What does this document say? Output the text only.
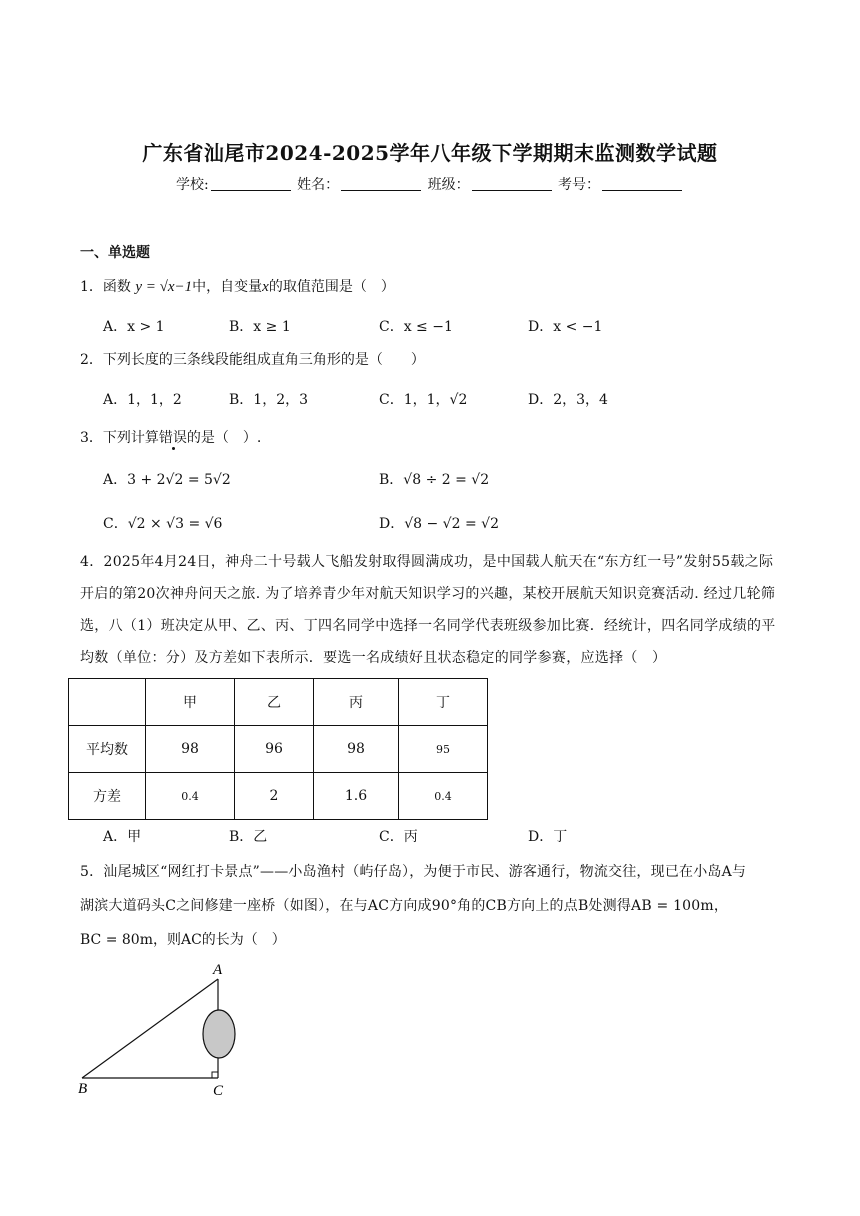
广东省汕尾市2024-2025学年八年级下学期期末监测数学试题
学校:	姓名：	班级：	考号：
一、单选题
1．函数 y = √x−1中，自变量x的取值范围是（　）
A．x > 1	B．x ≥ 1	C．x ≤ −1	D．x < −1
2．下列长度的三条线段能组成直角三角形的是（　　）
A．1，1，2	B．1，2，3	C．1，1，√2	D．2，3，4
3．下列计算错误的是（　）.
A．3 + 2√2 = 5√2	B．√8 ÷ 2 = √2
C．√2 × √3 = √6	D．√8 − √2 = √2
4．2025年4月24日，神舟二十号载人飞船发射取得圆满成功，是中国载人航天在“东方红一号”发射55载之际开启的第20次神舟问天之旅. 为了培养青少年对航天知识学习的兴趣，某校开展航天知识竞赛活动. 经过几轮筛选，八（1）班决定从甲、乙、丙、丁四名同学中选择一名同学代表班级参加比赛．经统计，四名同学成绩的平均数（单位：分）及方差如下表所示．要选一名成绩好且状态稳定的同学参赛，应选择（　）
	甲	乙	丙	丁
平均数	98	96	98	95
方差	0.4	2	1.6	0.4
A．甲	B．乙	C．丙	D．丁
5．汕尾城区“网红打卡景点”——小岛渔村（屿仔岛），为便于市民、游客通行，物流交往，现已在小岛A与
湖滨大道码头C之间修建一座桥（如图），在与AC方向成90°角的CB方向上的点B处测得AB = 100m，
BC = 80m，则AC的长为（　）
A
B	C
